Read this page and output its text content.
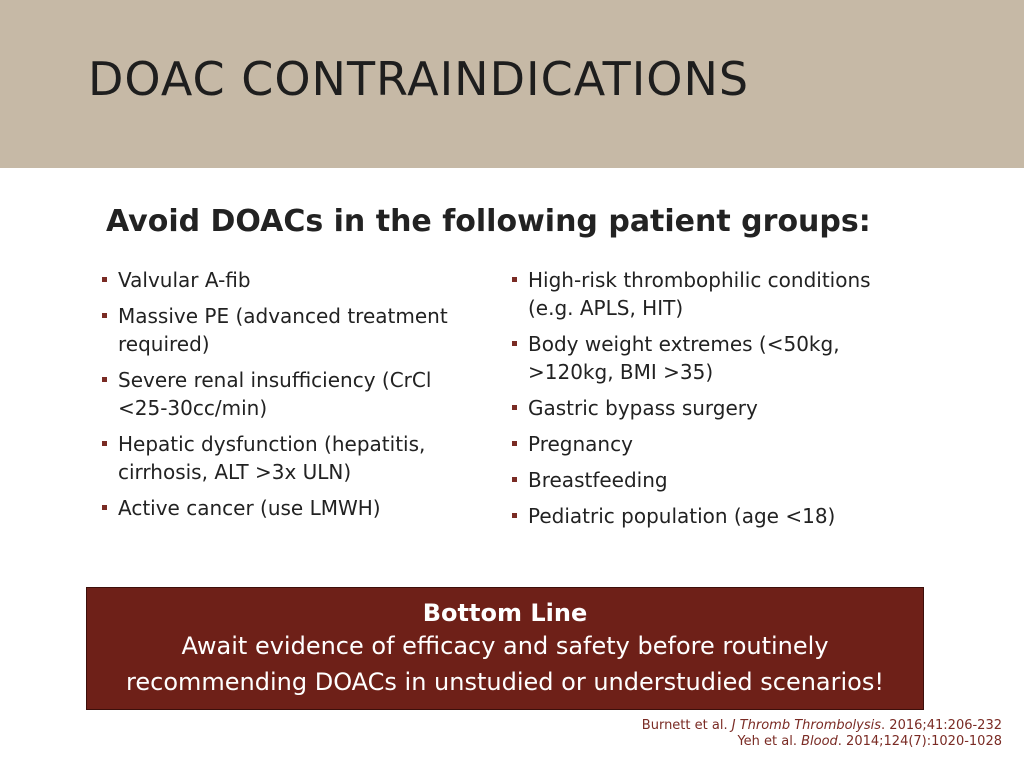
DOAC CONTRAINDICATIONS
Avoid DOACs in the following patient groups:
Valvular A-fib
Massive PE (advanced treatment required)
Severe renal insufficiency (CrCl <25-30cc/min)
Hepatic dysfunction (hepatitis, cirrhosis, ALT >3x ULN)
Active cancer (use LMWH)
High-risk thrombophilic conditions (e.g. APLS, HIT)
Body weight extremes (<50kg, >120kg, BMI >35)
Gastric bypass surgery
Pregnancy
Breastfeeding
Pediatric population (age <18)
Bottom Line
Await evidence of efficacy and safety before routinely recommending DOACs in unstudied or understudied scenarios!
Burnett et al. J Thromb Thrombolysis. 2016;41:206-232
Yeh et al. Blood. 2014;124(7):1020-1028
